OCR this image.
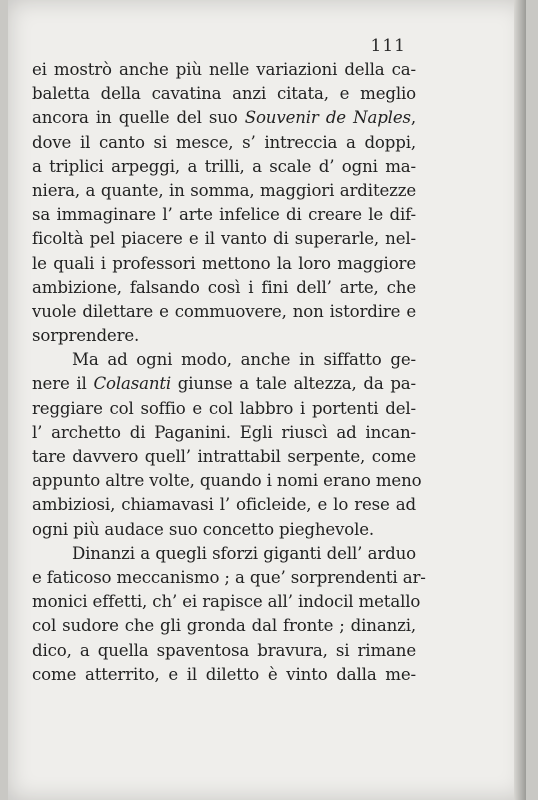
111
ei mostrò anche più nelle variazioni della ca-
baletta della cavatina anzi citata, e meglio
ancora in quelle del suo Souvenir de Naples,
dove il canto si mesce, s’ intreccia a doppi,
a triplici arpeggi, a trilli, a scale d’ ogni ma-
niera, a quante, in somma, maggiori arditezze
sa immaginare l’ arte infelice di creare le dif-
ficoltà pel piacere e il vanto di superarle, nel-
le quali i professori mettono la loro maggiore
ambizione, falsando così i fini dell’ arte, che
vuole dilettare e commuovere, non istordire e
sorprendere.
Ma ad ogni modo, anche in siffatto ge-
nere il Colasanti giunse a tale altezza, da pa-
reggiare col soffio e col labbro i portenti del-
l’ archetto di Paganini. Egli riuscì ad incan-
tare davvero quell’ intrattabil serpente, come
appunto altre volte, quando i nomi erano meno
ambiziosi, chiamavasi l’ oficleide, e lo rese ad
ogni più audace suo concetto pieghevole.
Dinanzi a quegli sforzi giganti dell’ arduo
e faticoso meccanismo ; a que’ sorprendenti ar-
monici effetti, ch’ ei rapisce all’ indocil metallo
col sudore che gli gronda dal fronte ; dinanzi,
dico, a quella spaventosa bravura, si rimane
come atterrito, e il diletto è vinto dalla me-
